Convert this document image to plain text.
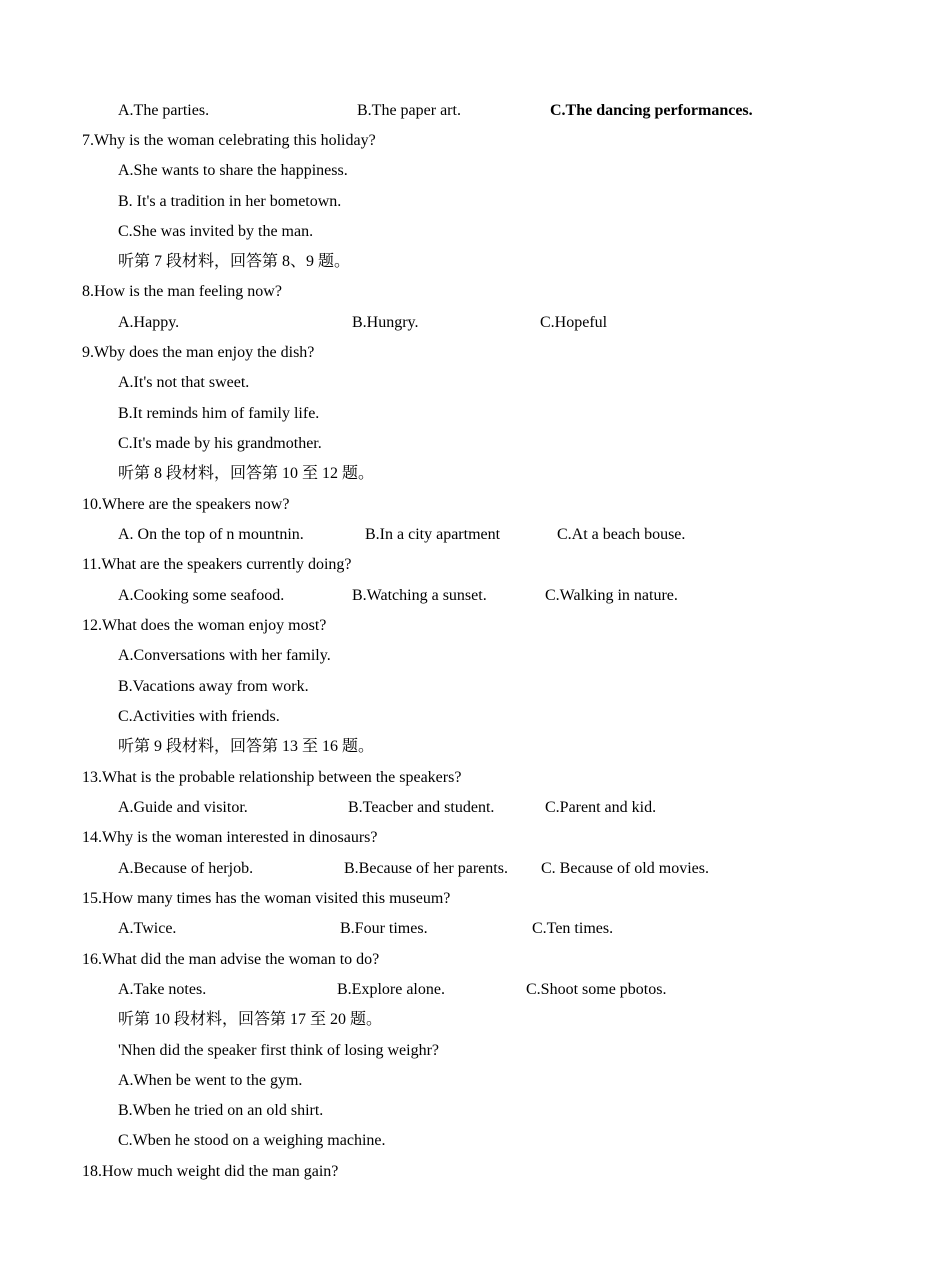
A.The parties.	B.The paper art.	C.The dancing performances.
7.Why is the woman celebrating this holiday?
A.She wants to share the happiness.
B. It's a tradition in her bometown.
C.She was invited by the man.
听第 7 段材料，回答第 8、9 题。
8.How is the man feeling now?
A.Happy.	B.Hungry.	C.Hopeful
9.Wby does the man enjoy the dish?
A.It's not that sweet.
B.It reminds him of family life.
C.It's made by his grandmother.
听第 8 段材料，回答第 10 至 12 题。
10.Where are the speakers now?
A. On the top of n mountnin.	B.In a city apartment	C.At a beach bouse.
11.What are the speakers currently doing?
A.Cooking some seafood.	B.Watching a sunset.	C.Walking in nature.
12.What does the woman enjoy most?
A.Conversations with her family.
B.Vacations away from work.
C.Activities with friends.
听第 9 段材料，回答第 13 至 16 题。
13.What is the probable relationship between the speakers?
A.Guide and visitor.	B.Teacber and student.	C.Parent and kid.
14.Why is the woman interested in dinosaurs?
A.Because of herjob.	B.Because of her parents. C. Because of old movies.
15.How many times has the woman visited this museum?
A.Twice.	B.Four times.	C.Ten times.
16.What did the man advise the woman to do?
A.Take notes.	B.Explore alone.	C.Shoot some pbotos.
听第 10 段材料，回答第 17 至 20 题。
'Nhen did the speaker first think of losing weighr?
A.When be went to the gym.
B.Wben he tried on an old shirt.
C.Wben he stood on a weighing machine.
18.How much weight did the man gain?
